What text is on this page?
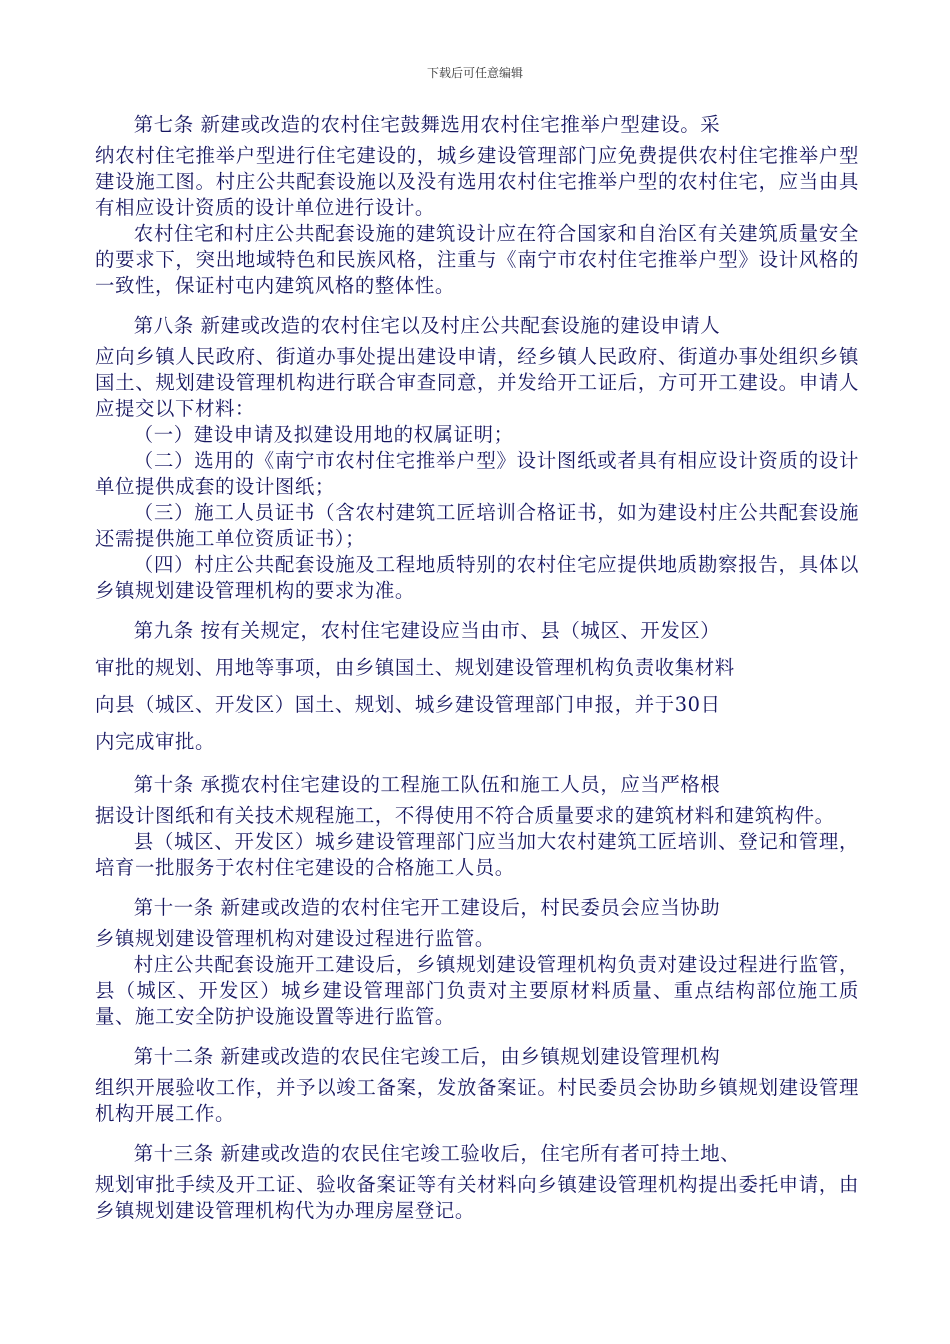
下载后可任意编辑

第七条 新建或改造的农村住宅鼓舞选用农村住宅推举户型建设。采

纳农村住宅推举户型进行住宅建设的，城乡建设管理部门应免费提供农村住宅推举户型建设施工图。村庄公共配套设施以及没有选用农村住宅推举户型的农村住宅，应当由具有相应设计资质的设计单位进行设计。

农村住宅和村庄公共配套设施的建筑设计应在符合国家和自治区有关建筑质量安全的要求下，突出地域特色和民族风格，注重与《南宁市农村住宅推举户型》设计风格的一致性，保证村屯内建筑风格的整体性。

第八条 新建或改造的农村住宅以及村庄公共配套设施的建设申请人

应向乡镇人民政府、街道办事处提出建设申请，经乡镇人民政府、街道办事处组织乡镇国土、规划建设管理机构进行联合审查同意，并发给开工证后，方可开工建设。申请人应提交以下材料：

（一）建设申请及拟建设用地的权属证明；

（二）选用的《南宁市农村住宅推举户型》设计图纸或者具有相应设计资质的设计单位提供成套的设计图纸；

（三）施工人员证书（含农村建筑工匠培训合格证书，如为建设村庄公共配套设施还需提供施工单位资质证书）；

（四）村庄公共配套设施及工程地质特别的农村住宅应提供地质勘察报告，具体以乡镇规划建设管理机构的要求为准。

第九条 按有关规定，农村住宅建设应当由市、县（城区、开发区）

审批的规划、用地等事项，由乡镇国土、规划建设管理机构负责收集材料

向县（城区、开发区）国土、规划、城乡建设管理部门申报，并于30日

内完成审批。

第十条 承揽农村住宅建设的工程施工队伍和施工人员，应当严格根

据设计图纸和有关技术规程施工，不得使用不符合质量要求的建筑材料和建筑构件。

县（城区、开发区）城乡建设管理部门应当加大农村建筑工匠培训、登记和管理，培育一批服务于农村住宅建设的合格施工人员。

第十一条 新建或改造的农村住宅开工建设后，村民委员会应当协助

乡镇规划建设管理机构对建设过程进行监管。

村庄公共配套设施开工建设后，乡镇规划建设管理机构负责对建设过程进行监管，县（城区、开发区）城乡建设管理部门负责对主要原材料质量、重点结构部位施工质量、施工安全防护设施设置等进行监管。

第十二条 新建或改造的农民住宅竣工后，由乡镇规划建设管理机构

组织开展验收工作，并予以竣工备案，发放备案证。村民委员会协助乡镇规划建设管理机构开展工作。

第十三条 新建或改造的农民住宅竣工验收后，住宅所有者可持土地、

规划审批手续及开工证、验收备案证等有关材料向乡镇建设管理机构提出委托申请，由乡镇规划建设管理机构代为办理房屋登记。
